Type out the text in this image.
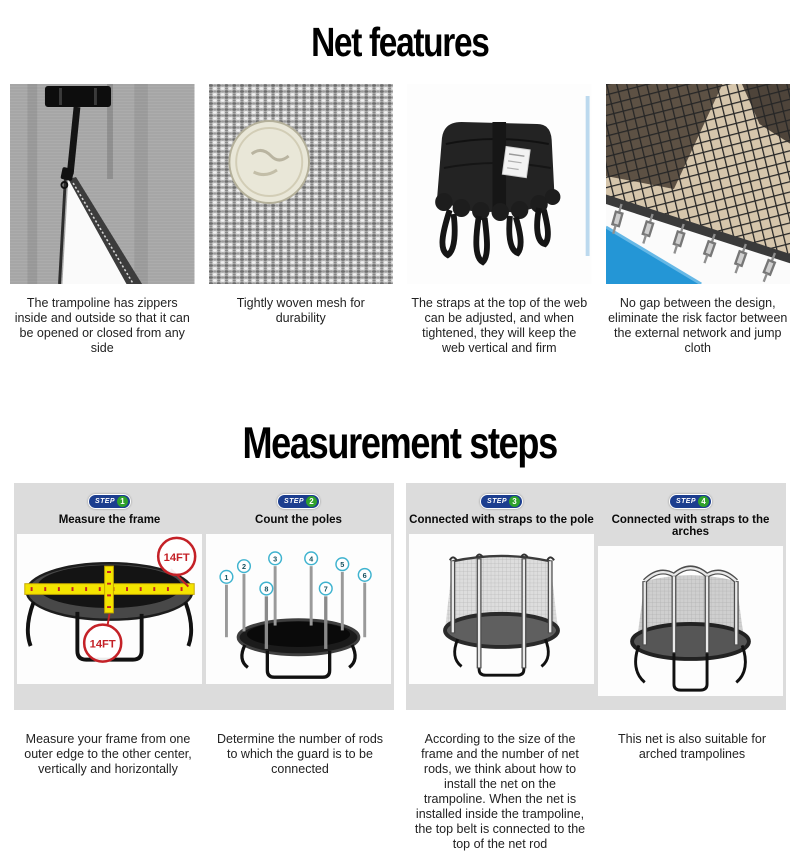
Net features
The trampoline has zippers inside and outside so that it can be opened or closed from any side
Tightly woven mesh for durability
The straps at the top of the web can be adjusted, and when tightened, they will keep the web vertical and firm
No gap between the design, eliminate the risk factor between the external network and jump cloth
Measurement steps
STEP 1
Measure the frame
14FT
14FT
STEP 2
Count the poles
1
2
3	4
5
6
8	7
STEP 3
Connected with straps to the pole
STEP 4
Connected with straps to the arches
Measure your frame from one outer edge to the other center, vertically and horizontally
Determine the number of rods to which the guard is to be connected
According to the size of the frame and the number of net rods, we think about how to install the net on the trampoline. When the net is installed inside the trampoline, the top belt is connected to the top of the net rod
This net is also suitable for arched trampolines
